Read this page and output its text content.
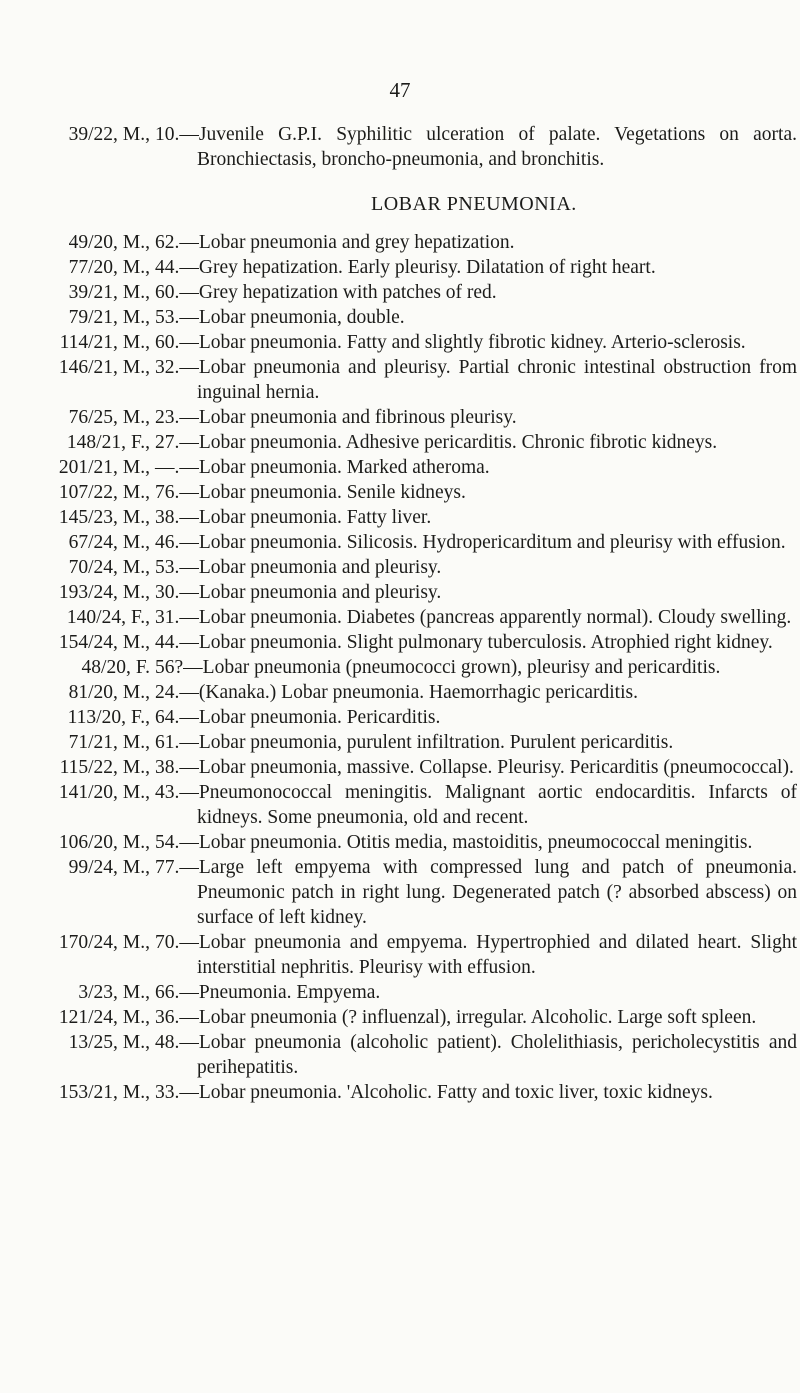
47
39/22, M., 10.—Juvenile G.P.I. Syphilitic ulceration of palate. Vegetations on aorta. Bronchiectasis, broncho-pneumonia, and bronchitis.
LOBAR PNEUMONIA.
49/20, M., 62.—Lobar pneumonia and grey hepatization.
77/20, M., 44.—Grey hepatization. Early pleurisy. Dilatation of right heart.
39/21, M., 60.—Grey hepatization with patches of red.
79/21, M., 53.—Lobar pneumonia, double.
114/21, M., 60.—Lobar pneumonia. Fatty and slightly fibrotic kidney. Arterio-sclerosis.
146/21, M., 32.—Lobar pneumonia and pleurisy. Partial chronic intestinal obstruction from inguinal hernia.
76/25, M., 23.—Lobar pneumonia and fibrinous pleurisy.
148/21, F., 27.—Lobar pneumonia. Adhesive pericarditis. Chronic fibrotic kidneys.
201/21, M., —.—Lobar pneumonia. Marked atheroma.
107/22, M., 76.—Lobar pneumonia. Senile kidneys.
145/23, M., 38.—Lobar pneumonia. Fatty liver.
67/24, M., 46.—Lobar pneumonia. Silicosis. Hydropericarditum and pleurisy with effusion.
70/24, M., 53.—Lobar pneumonia and pleurisy.
193/24, M., 30.—Lobar pneumonia and pleurisy.
140/24, F., 31.—Lobar pneumonia. Diabetes (pancreas apparently normal). Cloudy swelling.
154/24, M., 44.—Lobar pneumonia. Slight pulmonary tuberculosis. Atrophied right kidney.
48/20, F. 56?—Lobar pneumonia (pneumococci grown), pleurisy and pericarditis.
81/20, M., 24.—(Kanaka.) Lobar pneumonia. Haemorrhagic pericarditis.
113/20, F., 64.—Lobar pneumonia. Pericarditis.
71/21, M., 61.—Lobar pneumonia, purulent infiltration. Purulent pericarditis.
115/22, M., 38.—Lobar pneumonia, massive. Collapse. Pleurisy. Pericarditis (pneumococcal).
141/20, M., 43.—Pneumonococcal meningitis. Malignant aortic endocarditis. Infarcts of kidneys. Some pneumonia, old and recent.
106/20, M., 54.—Lobar pneumonia. Otitis media, mastoiditis, pneumococcal meningitis.
99/24, M., 77.—Large left empyema with compressed lung and patch of pneumonia. Pneumonic patch in right lung. Degenerated patch (? absorbed abscess) on surface of left kidney.
170/24, M., 70.—Lobar pneumonia and empyema. Hypertrophied and dilated heart. Slight interstitial nephritis. Pleurisy with effusion.
3/23, M., 66.—Pneumonia. Empyema.
121/24, M., 36.—Lobar pneumonia (? influenzal), irregular. Alcoholic. Large soft spleen.
13/25, M., 48.—Lobar pneumonia (alcoholic patient). Cholelithiasis, pericholecystitis and perihepatitis.
153/21, M., 33.—Lobar pneumonia. 'Alcoholic. Fatty and toxic liver, toxic kidneys.
